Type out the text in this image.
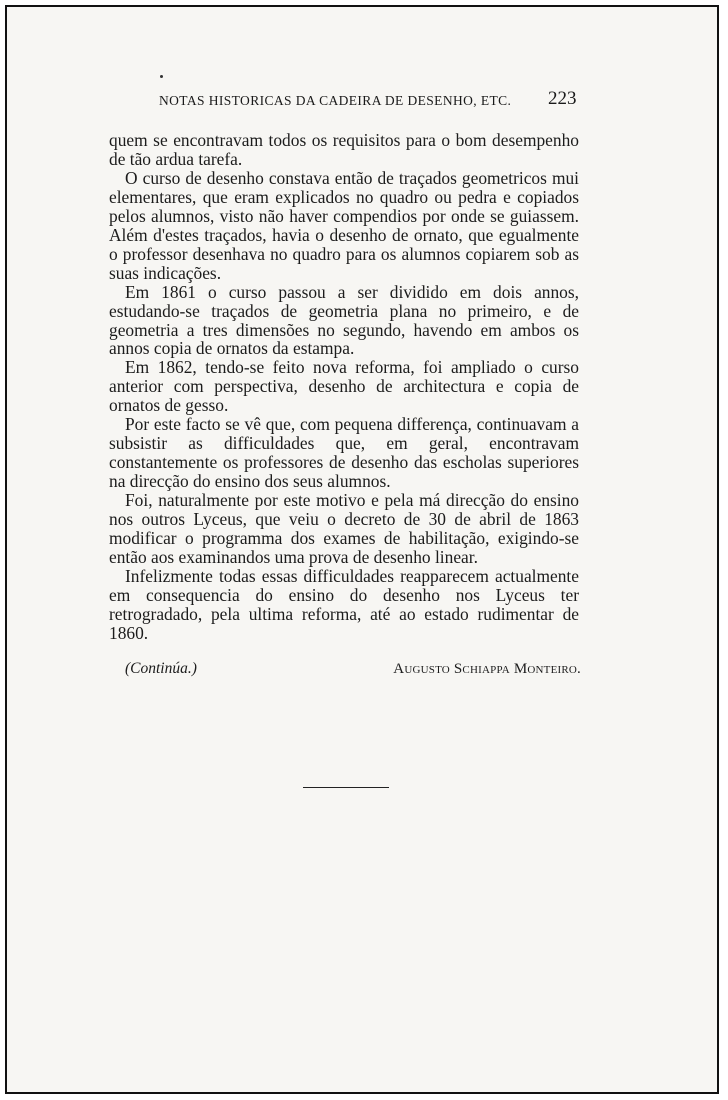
NOTAS HISTORICAS DA CADEIRA DE DESENHO, ETC.	223

quem se encontravam todos os requisitos para o bom desempenho de tão ardua tarefa.

O curso de desenho constava então de traçados geometricos mui elementares, que eram explicados no quadro ou pedra e copiados pelos alumnos, visto não haver compendios por onde se guiassem. Além d'estes traçados, havia o desenho de ornato, que egualmente o professor desenhava no quadro para os alumnos copiarem sob as suas indicações.

Em 1861 o curso passou a ser dividido em dois annos, estudando-se traçados de geometria plana no primeiro, e de geometria a tres dimensões no segundo, havendo em ambos os annos copia de ornatos da estampa.

Em 1862, tendo-se feito nova reforma, foi ampliado o curso anterior com perspectiva, desenho de architectura e copia de ornatos de gesso.

Por este facto se vê que, com pequena differença, continuavam a subsistir as difficuldades que, em geral, encontravam constantemente os professores de desenho das escholas superiores na direcção do ensino dos seus alumnos.

Foi, naturalmente por este motivo e pela má direcção do ensino nos outros Lyceus, que veiu o decreto de 30 de abril de 1863 modificar o programma dos exames de habilitação, exigindo-se então aos examinandos uma prova de desenho linear.

Infelizmente todas essas difficuldades reapparecem actualmente em consequencia do ensino do desenho nos Lyceus ter retrogradado, pela ultima reforma, até ao estado rudimentar de 1860.

(Continúa.)	Augusto Schiappa Monteiro.
